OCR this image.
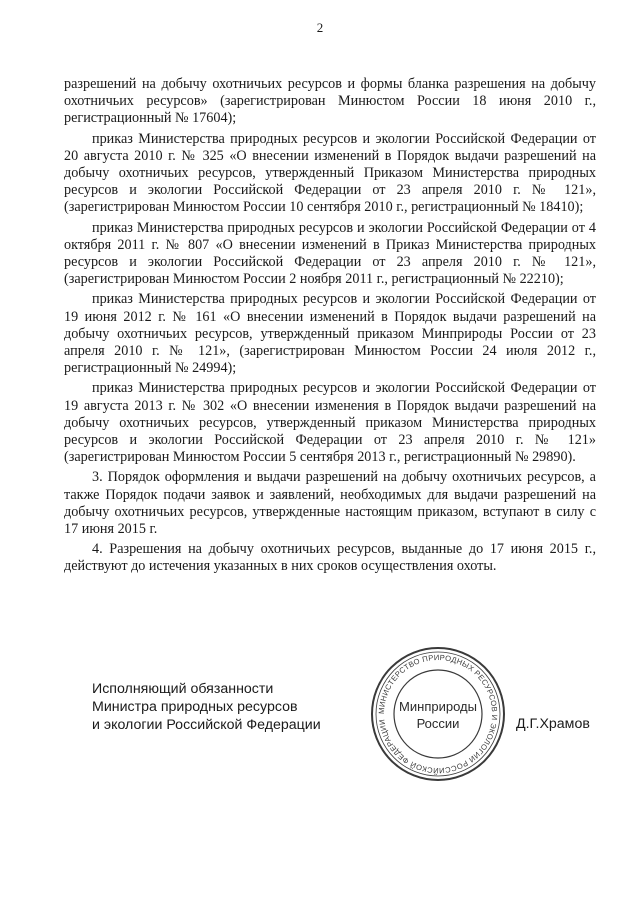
2

разрешений на добычу охотничьих ресурсов и формы бланка разрешения на добычу охотничьих ресурсов» (зарегистрирован Минюстом России 18 июня 2010 г., регистрационный № 17604);

приказ Министерства природных ресурсов и экологии Российской Федерации от 20 августа 2010 г. № 325 «О внесении изменений в Порядок выдачи разрешений на добычу охотничьих ресурсов, утвержденный Приказом Министерства природных ресурсов и экологии Российской Федерации от 23 апреля 2010 г. № 121», (зарегистрирован Минюстом России 10 сентября 2010 г., регистрационный № 18410);

приказ Министерства природных ресурсов и экологии Российской Федерации от 4 октября 2011 г. № 807 «О внесении изменений в Приказ Министерства природных ресурсов и экологии Российской Федерации от 23 апреля 2010 г. № 121», (зарегистрирован Минюстом России 2 ноября 2011 г., регистрационный № 22210);

приказ Министерства природных ресурсов и экологии Российской Федерации от 19 июня 2012 г. № 161 «О внесении изменений в Порядок выдачи разрешений на добычу охотничьих ресурсов, утвержденный приказом Минприроды России от 23 апреля 2010 г. № 121», (зарегистрирован Минюстом России 24 июля 2012 г., регистрационный № 24994);

приказ Министерства природных ресурсов и экологии Российской Федерации от 19 августа 2013 г. № 302 «О внесении изменения в Порядок выдачи разрешений на добычу охотничьих ресурсов, утвержденный приказом Министерства природных ресурсов и экологии Российской Федерации от 23 апреля 2010 г. № 121» (зарегистрирован Минюстом России 5 сентября 2013 г., регистрационный № 29890).

3. Порядок оформления и выдачи разрешений на добычу охотничьих ресурсов, а также Порядок подачи заявок и заявлений, необходимых для выдачи разрешений на добычу охотничьих ресурсов, утвержденные настоящим приказом, вступают в силу с 17 июня 2015 г.

4. Разрешения на добычу охотничьих ресурсов, выданные до 17 июня 2015 г., действуют до истечения указанных в них сроков осуществления охоты.

Исполняющий обязанности
Министра природных ресурсов
и экологии Российской Федерации
МИНИСТЕРСТВО ПРИРОДНЫХ РЕСУРСОВ И ЭКОЛОГИИ РОССИЙСКОЙ ФЕДЕРАЦИИ
Минприроды
России	Д.Г.Храмов
